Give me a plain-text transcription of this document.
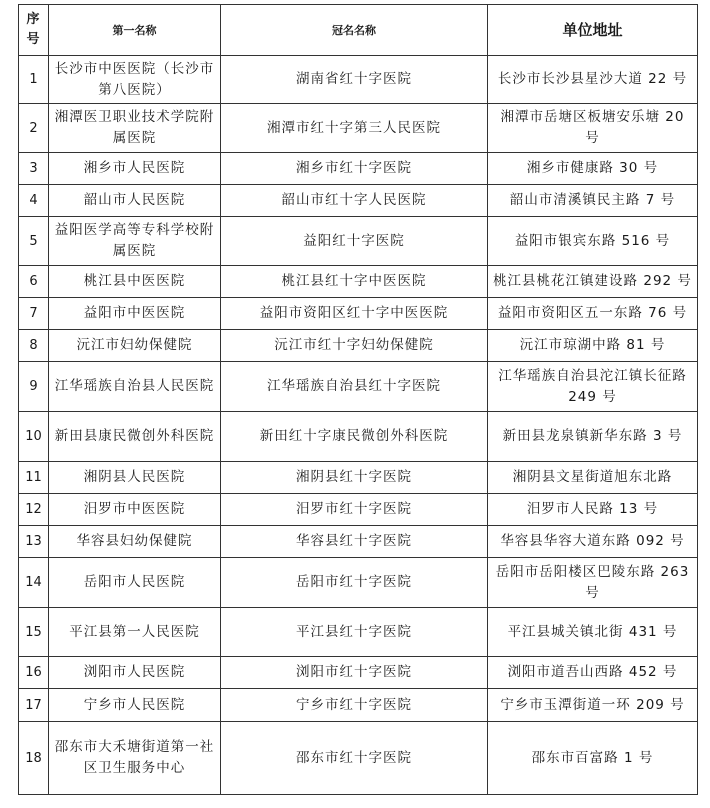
序号	第一名称	冠名名称	单位地址
1	长沙市中医医院（长沙市第八医院）	湖南省红十字医院	长沙市长沙县星沙大道 22 号
2	湘潭医卫职业技术学院附属医院	湘潭市红十字第三人民医院	湘潭市岳塘区板塘安乐塘 20 号
3	湘乡市人民医院	湘乡市红十字医院	湘乡市健康路 30 号
4	韶山市人民医院	韶山市红十字人民医院	韶山市清溪镇民主路 7 号
5	益阳医学高等专科学校附属医院	益阳红十字医院	益阳市银宾东路 516 号
6	桃江县中医医院	桃江县红十字中医医院	桃江县桃花江镇建设路 292 号
7	益阳市中医医院	益阳市资阳区红十字中医医院	益阳市资阳区五一东路 76 号
8	沅江市妇幼保健院	沅江市红十字妇幼保健院	沅江市琼湖中路 81 号
9	江华瑶族自治县人民医院	江华瑶族自治县红十字医院	江华瑶族自治县沱江镇长征路 249 号
10	新田县康民微创外科医院	新田红十字康民微创外科医院	新田县龙泉镇新华东路 3 号
11	湘阴县人民医院	湘阴县红十字医院	湘阴县文星街道旭东北路
12	汨罗市中医医院	汨罗市红十字医院	汨罗市人民路 13 号
13	华容县妇幼保健院	华容县红十字医院	华容县华容大道东路 092 号
14	岳阳市人民医院	岳阳市红十字医院	岳阳市岳阳楼区巴陵东路 263 号
15	平江县第一人民医院	平江县红十字医院	平江县城关镇北街 431 号
16	浏阳市人民医院	浏阳市红十字医院	浏阳市道吾山西路 452 号
17	宁乡市人民医院	宁乡市红十字医院	宁乡市玉潭街道一环 209 号
18	邵东市大禾塘街道第一社区卫生服务中心	邵东市红十字医院	邵东市百富路 1 号
